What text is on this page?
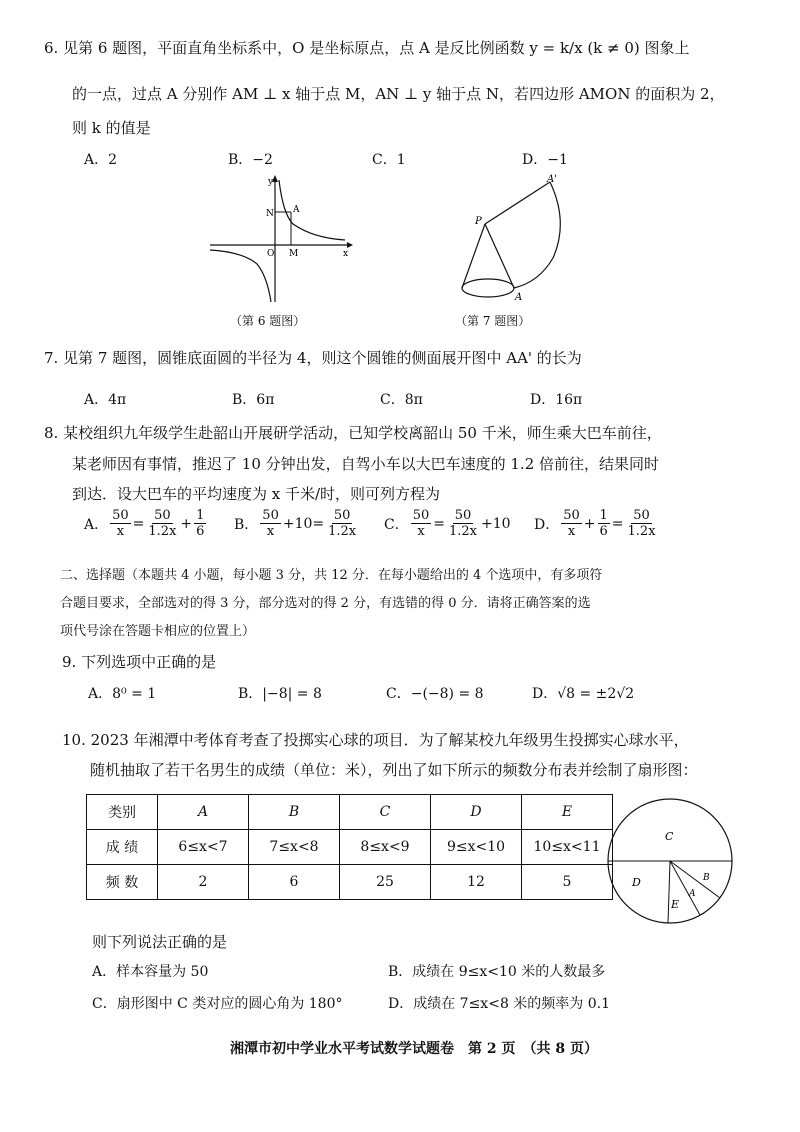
6. 见第 6 题图，平面直角坐标系中，O 是坐标原点，点 A 是反比例函数 y = k/x (k ≠ 0) 图象上
的一点，过点 A 分别作 AM ⊥ x 轴于点 M，AN ⊥ y 轴于点 N，若四边形 AMON 的面积为 2，
则 k 的值是
A．2	B．−2	C．1	D．−1
N A
O M
y
x
（第 6 题图）
P
A'
A
（第 7 题图）
7. 见第 7 题图，圆锥底面圆的半径为 4，则这个圆锥的侧面展开图中 AA' 的长为
A．4π	B．6π	C．8π	D．16π
8. 某校组织九年级学生赴韶山开展研学活动，已知学校离韶山 50 千米，师生乘大巴车前往，
某老师因有事情，推迟了 10 分钟出发，自驾小车以大巴车速度的 1.2 倍前往，结果同时
到达．设大巴车的平均速度为 x 千米/时，则可列方程为
A． $\frac{50}{x} = \frac{50}{1.2x} + \frac{1}{6}$ B． $\frac{50}{x} +10= \frac{50}{1.2x}$ C． $\frac{50}{x} = \frac{50}{1.2x} +10$ D． $\frac{50}{x} + \frac{1}{6} = \frac{50}{1.2x}$
二、选择题（本题共 4 小题，每小题 3 分，共 12 分．在每小题给出的 4 个选项中，有多项符
合题目要求，全部选对的得 3 分，部分选对的得 2 分，有选错的得 0 分．请将正确答案的选
项代号涂在答题卡相应的位置上）
9. 下列选项中正确的是
A．8⁰ = 1	B．|−8| = 8	C．−(−8) = 8	D．√8 = ±2√2
10. 2023 年湘潭中考体育考查了投掷实心球的项目．为了解某校九年级男生投掷实心球水平，
随机抽取了若干名男生的成绩（单位：米），列出了如下所示的频数分布表并绘制了扇形图：
类别	A	B	C	D	E
成 绩	6≤x<7	7≤x<8	8≤x<9	9≤x<10	10≤x<11
频 数	2	6	25	12	5
C
D
E
A
B
则下列说法正确的是
A．样本容量为 50	B．成绩在 9≤x<10 米的人数最多
C．扇形图中 C 类对应的圆心角为 180°	D．成绩在 7≤x<8 米的频率为 0.1
湘潭市初中学业水平考试数学试题卷　第 2 页　（共 8 页）
